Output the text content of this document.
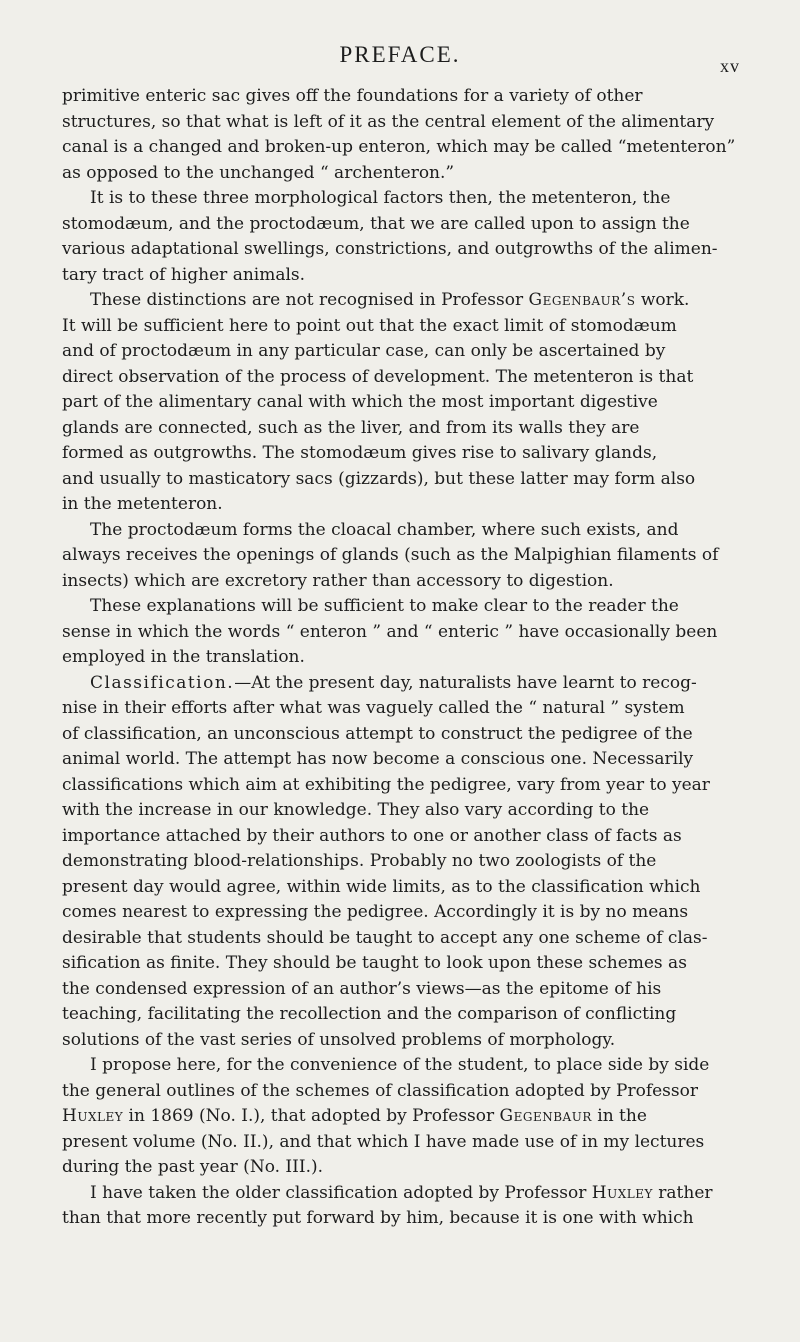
PREFACE.	xv
primitive enteric sac gives off the foundations for a variety of other
structures, so that what is left of it as the central element of the alimentary
canal is a changed and broken-up enteron, which may be called “metenteron”
as opposed to the unchanged “ archenteron.”
It is to these three morphological factors then, the metenteron, the
stomodæum, and the proctodæum, that we are called upon to assign the
various adaptational swellings, constrictions, and outgrowths of the alimen-
tary tract of higher animals.
These distinctions are not recognised in Professor Gegenbaur’s work.
It will be sufficient here to point out that the exact limit of stomodæum
and of proctodæum in any particular case, can only be ascertained by
direct observation of the process of development. The metenteron is that
part of the alimentary canal with which the most important digestive
glands are connected, such as the liver, and from its walls they are
formed as outgrowths. The stomodæum gives rise to salivary glands,
and usually to masticatory sacs (gizzards), but these latter may form also
in the metenteron.
The proctodæum forms the cloacal chamber, where such exists, and
always receives the openings of glands (such as the Malpighian filaments of
insects) which are excretory rather than accessory to digestion.
These explanations will be sufficient to make clear to the reader the
sense in which the words “ enteron ” and “ enteric ” have occasionally been
employed in the translation.
Classification.—At the present day, naturalists have learnt to recog-
nise in their efforts after what was vaguely called the “ natural ” system
of classification, an unconscious attempt to construct the pedigree of the
animal world. The attempt has now become a conscious one. Necessarily
classifications which aim at exhibiting the pedigree, vary from year to year
with the increase in our knowledge. They also vary according to the
importance attached by their authors to one or another class of facts as
demonstrating blood-relationships. Probably no two zoologists of the
present day would agree, within wide limits, as to the classification which
comes nearest to expressing the pedigree. Accordingly it is by no means
desirable that students should be taught to accept any one scheme of clas-
sification as finite. They should be taught to look upon these schemes as
the condensed expression of an author’s views—as the epitome of his
teaching, facilitating the recollection and the comparison of conflicting
solutions of the vast series of unsolved problems of morphology.
I propose here, for the convenience of the student, to place side by side
the general outlines of the schemes of classification adopted by Professor
Huxley in 1869 (No. I.), that adopted by Professor Gegenbaur in the
present volume (No. II.), and that which I have made use of in my lectures
during the past year (No. III.).
I have taken the older classification adopted by Professor Huxley rather
than that more recently put forward by him, because it is one with which
